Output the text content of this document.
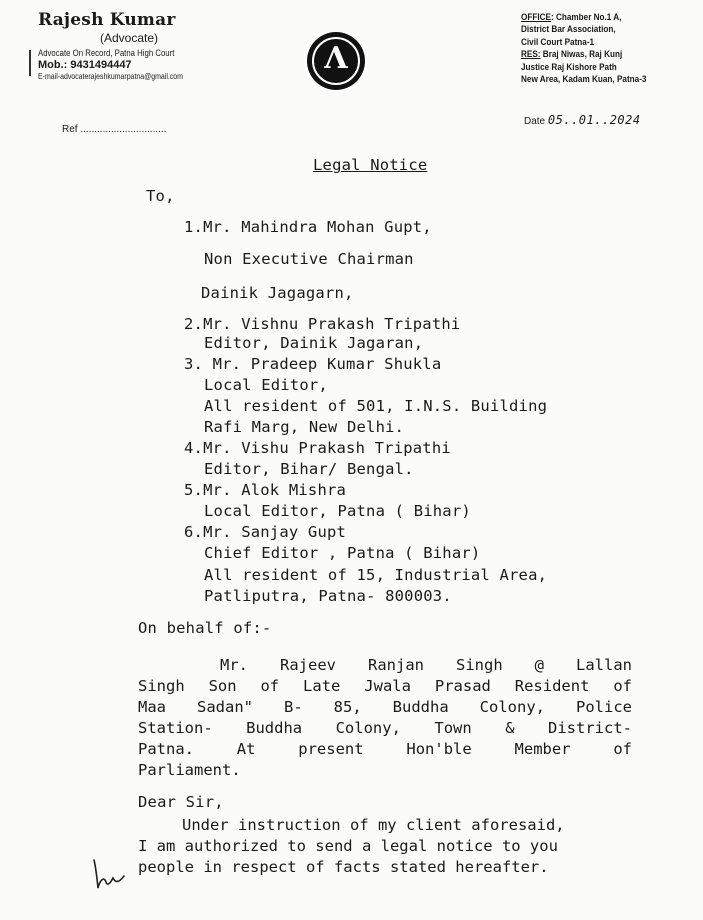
Rajesh Kumar
(Advocate)
Advocate On Record, Patna High Court
Mob.: 9431494447
E-mail-advocaterajeshkumarpatna@gmail.com	Λ
OFFICE: Chamber No.1 A,
District Bar Association,
Civil Court Patna-1
RES: Braj Niwas, Raj Kunj
Justice Raj Kishore Path
New Area, Kadam Kuan, Patna-3
Ref ...............................
Date 05..01..2024
Legal Notice
To,
1.Mr. Mahindra Mohan Gupt,
Non Executive Chairman
Dainik Jagagarn,
2.Mr. Vishnu Prakash Tripathi
Editor, Dainik Jagaran,
3. Mr. Pradeep Kumar Shukla
Local Editor,
All resident of 501, I.N.S. Building
Rafi Marg, New Delhi.
4.Mr. Vishu Prakash Tripathi
Editor, Bihar/ Bengal.
5.Mr. Alok Mishra
Local Editor, Patna ( Bihar)
6.Mr. Sanjay Gupt
Chief Editor , Patna ( Bihar)
All resident of 15, Industrial Area,
Patliputra, Patna- 800003.
On behalf of:-
Mr. Rajeev Ranjan Singh @ Lallan
Singh Son of Late Jwala Prasad Resident of
Maa Sadan" B- 85, Buddha Colony, Police
Station- Buddha Colony, Town & District-
Patna. At present Hon'ble Member of
Parliament.
Dear Sir,
Under instruction of my client aforesaid,
I am authorized to send a legal notice to you
people in respect of facts stated hereafter.
